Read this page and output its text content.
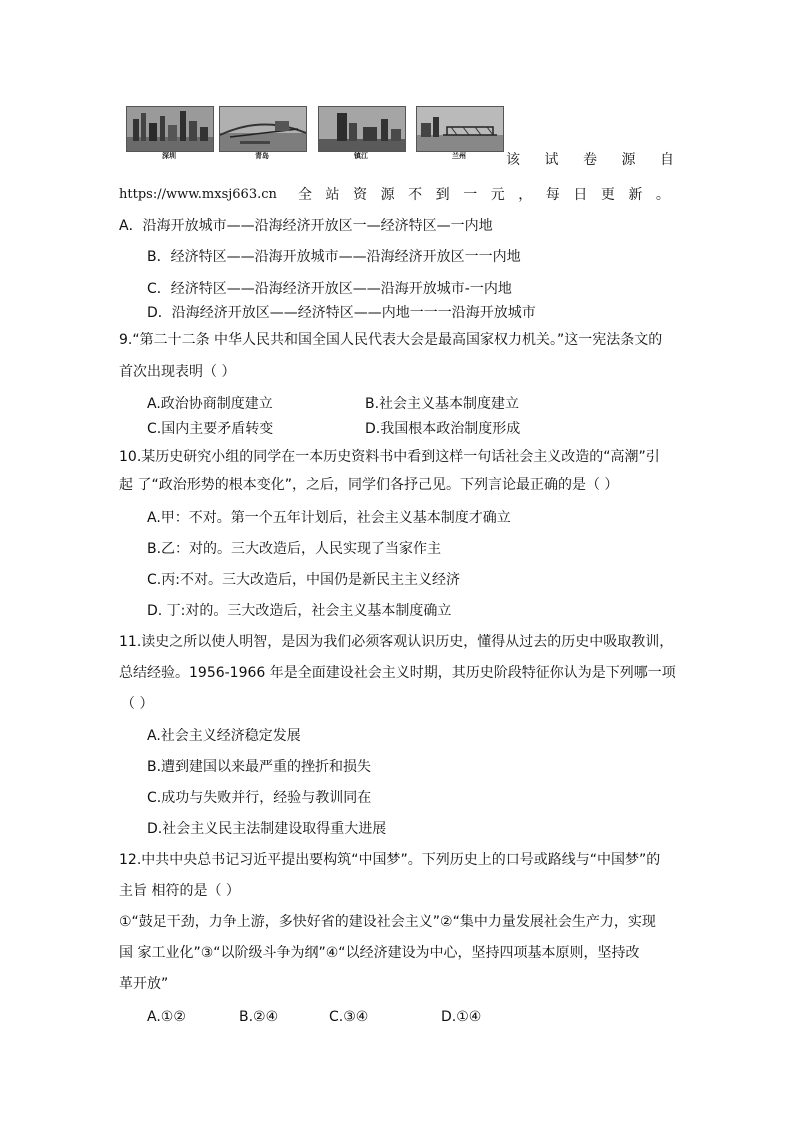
深圳	青岛	镇江	兰州	该 试 卷 源 自
https://www.mxsj663.cn 全 站 资 源 不 到 一 元 ， 每 日 更 新 。
A．沿海开放城市——沿海经济开放区一—经济特区—一内地
B．经济特区——沿海开放城市——沿海经济开放区一一内地
C．经济特区——沿海经济开放区——沿海开放城市-一内地
D．沿海经济开放区——经济特区——内地一一一沿海开放城市
9.“第二十二条 中华人民共和国全国人民代表大会是最高国家权力机关。”这一宪法条文的
首次出现表明（ ）
A.政治协商制度建立	B.社会主义基本制度建立
C.国内主要矛盾转变	D.我国根本政治制度形成
10.某历史研究小组的同学在一本历史资料书中看到这样一句话社会主义改造的“高潮”引
起 了“政治形势的根本变化”，之后，同学们各抒己见。下列言论最正确的是（ ）
A.甲：不对。第一个五年计划后，社会主义基本制度才确立
B.乙：对的。三大改造后，人民实现了当家作主
C.丙:不对。三大改造后，中国仍是新民主主义经济
D. 丁:对的。三大改造后，社会主义基本制度确立
11.读史之所以使人明智，是因为我们必须客观认识历史，懂得从过去的历史中吸取教训，
总结经验。1956-1966 年是全面建设社会主义时期，其历史阶段特征你认为是下列哪一项
（ ）
A.社会主义经济稳定发展
B.遭到建国以来最严重的挫折和损失
C.成功与失败并行，经验与教训同在
D.社会主义民主法制建设取得重大进展
12.中共中央总书记习近平提出要构筑“中国梦”。下列历史上的口号或路线与“中国梦”的
主旨 相符的是（ ）
①“鼓足干劲，力争上游，多快好省的建设社会主义”②“集中力量发展社会生产力，实现
国 家工业化”③“以阶级斗争为纲”④“以经济建设为中心，坚持四项基本原则，坚持改
革开放”
A.①②	B.②④	C.③④	D.①④
